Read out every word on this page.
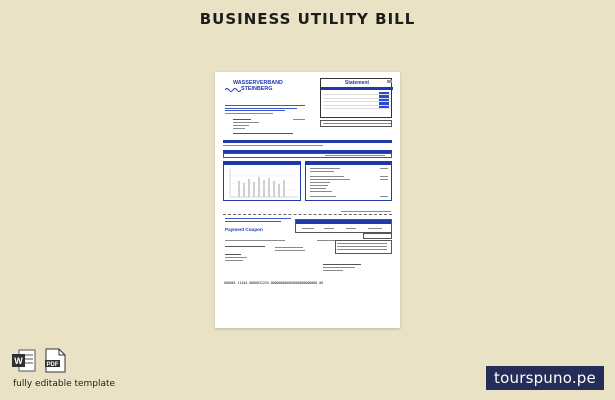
BUSINESS UTILITY BILL
WASSERVERBAND
STEINBERG
Statement
Payment Coupon
000001 11444 0000031234 000000000000000000000000 00
W	PDF
fully editable template	tourspuno.pe
